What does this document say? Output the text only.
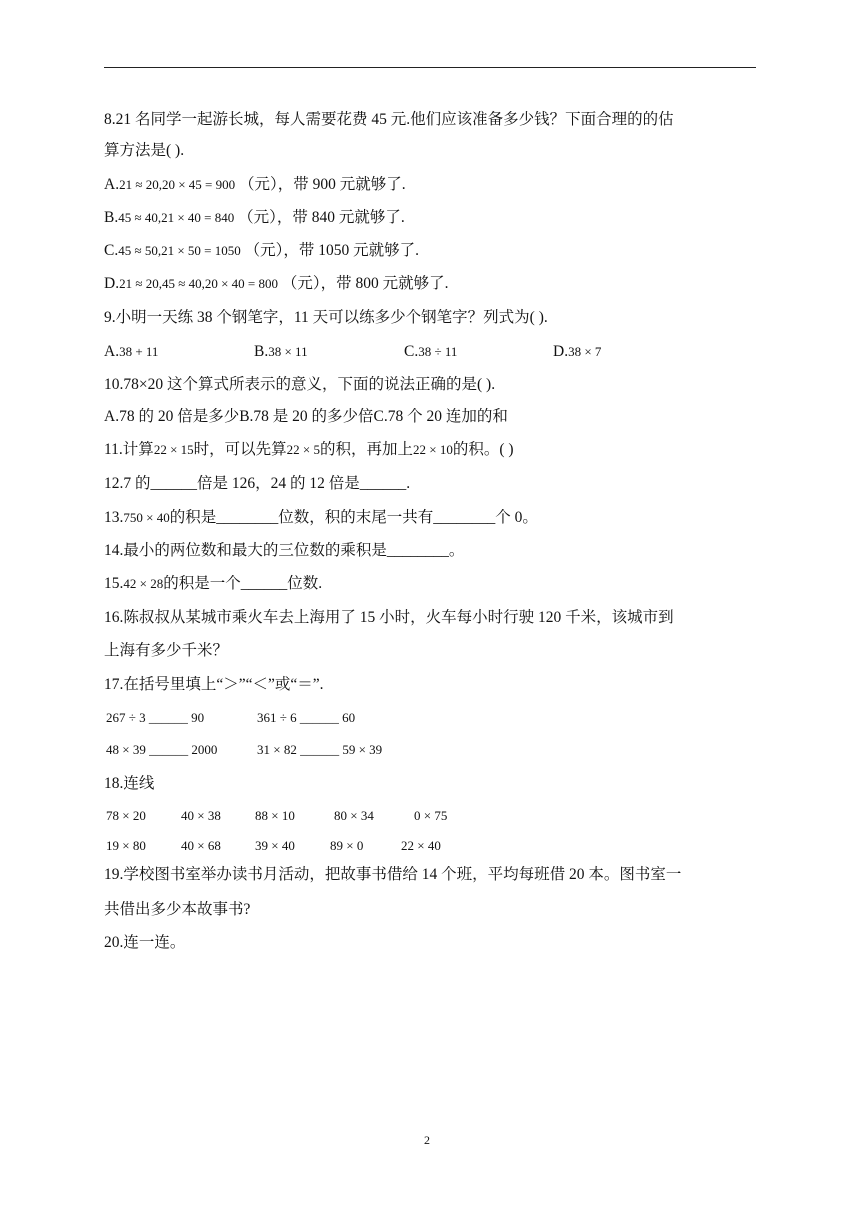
8.21 名同学一起游长城，每人需要花费 45 元.他们应该准备多少钱？下面合理的的估
算方法是( ).
A.21 ≈ 20,20 × 45 = 900 （元），带 900 元就够了.
B.45 ≈ 40,21 × 40 = 840 （元），带 840 元就够了.
C.45 ≈ 50,21 × 50 = 1050 （元），带 1050 元就够了.
D.21 ≈ 20,45 ≈ 40,20 × 40 = 800 （元），带 800 元就够了.
9.小明一天练 38 个钢笔字，11 天可以练多少个钢笔字？列式为( ).
A.38 + 11	B.38 × 11	C.38 ÷ 11	D.38 × 7
10.78×20 这个算式所表示的意义，下面的说法正确的是( ).
A.78 的 20 倍是多少B.78 是 20 的多少倍C.78 个 20 连加的和
11.计算22 × 15时，可以先算22 × 5的积，再加上22 × 10的积。( )
12.7 的______倍是 126，24 的 12 倍是______.
13.750 × 40的积是________位数，积的末尾一共有________个 0。
14.最小的两位数和最大的三位数的乘积是________。
15.42 × 28的积是一个______位数.
16.陈叔叔从某城市乘火车去上海用了 15 小时，火车每小时行驶 120 千米，该城市到
上海有多少千米？
17.在括号里填上“＞”“＜”或“＝”.
267 ÷ 3 ______ 90	361 ÷ 6 ______ 60
48 × 39 ______ 2000	31 × 82 ______ 59 × 39
18.连线
78 × 20	40 × 38	88 × 10	80 × 34	0 × 75
19 × 80	40 × 68	39 × 40	89 × 0	22 × 40
19.学校图书室举办读书月活动，把故事书借给 14 个班，平均每班借 20 本。图书室一
共借出多少本故事书?
20.连一连。
2
